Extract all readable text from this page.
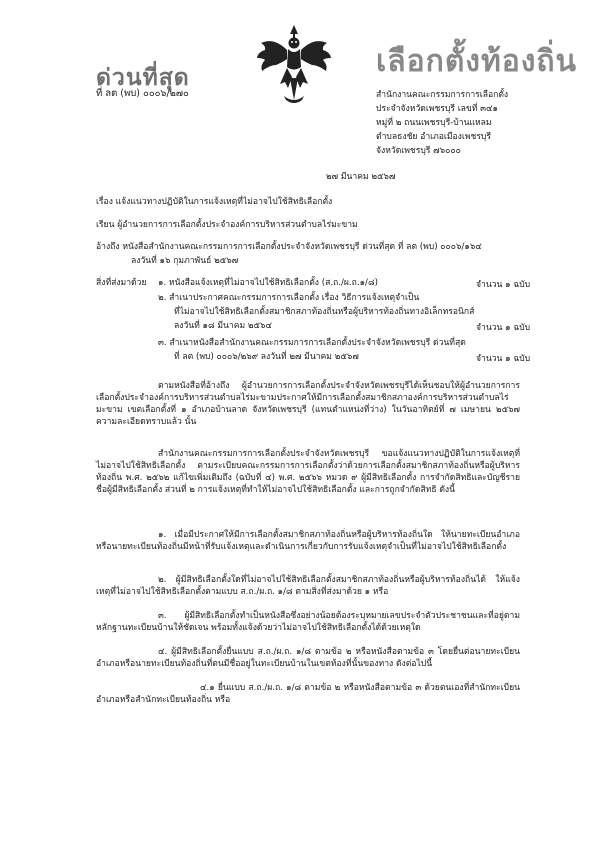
ด่วนที่สุด	เลือกตั้งท้องถิ่น
ที่ ลต (พบ) ๐๐๐๖/๒๗๐	สำนักงานคณะกรรมการการเลือกตั้ง
ประจำจังหวัดเพชรบุรี เลขที่ ๓๔๑
หมู่ที่ ๒ ถนนเพชรบุรี-บ้านแหลม
ตำบลธงชัย อำเภอเมืองเพชรบุรี
จังหวัดเพชรบุรี ๗๖๐๐๐
๒๗ มีนาคม ๒๕๖๗
เรื่อง แจ้งแนวทางปฏิบัติในการแจ้งเหตุที่ไม่อาจไปใช้สิทธิเลือกตั้ง
เรียน ผู้อำนวยการการเลือกตั้งประจำองค์การบริหารส่วนตำบลไร่มะขาม
อ้างถึง หนังสือสำนักงานคณะกรรมการการเลือกตั้งประจำจังหวัดเพชรบุรี ด่วนที่สุด ที่ ลต (พบ) ๐๐๐๖/๑๖๔
ลงวันที่ ๑๖ กุมภาพันธ์ ๒๕๖๗
สิ่งที่ส่งมาด้วย ๑. หนังสือแจ้งเหตุที่ไม่อาจไปใช้สิทธิเลือกตั้ง (ส.ถ./ผ.ถ.๑/๘)	จำนวน ๑ ฉบับ
๒. สำเนาประกาศคณะกรรมการการเลือกตั้ง เรื่อง วิธีการแจ้งเหตุจำเป็น
ที่ไม่อาจไปใช้สิทธิเลือกตั้งสมาชิกสภาท้องถิ่นหรือผู้บริหารท้องถิ่นทางอิเล็กทรอนิกส์
ลงวันที่ ๑๘ มีนาคม ๒๕๖๔	จำนวน ๑ ฉบับ
๓. สำเนาหนังสือสำนักงานคณะกรรมการการเลือกตั้งประจำจังหวัดเพชรบุรี ด่วนที่สุด
ที่ ลต (พบ) ๐๐๐๖/๒๖๙ ลงวันที่ ๒๗ มีนาคม ๒๕๖๗	จำนวน ๑ ฉบับ
ตามหนังสือที่อ้างถึง ผู้อำนวยการการเลือกตั้งประจำจังหวัดเพชรบุรีได้เห็นชอบให้ผู้อำนวยการการเลือกตั้งประจำองค์การบริหารส่วนตำบลไร่มะขามประกาศให้มีการเลือกตั้งสมาชิกสภาองค์การบริหารส่วนตำบลไร่มะขาม เขตเลือกตั้งที่ ๑ อำเภอบ้านลาด จังหวัดเพชรบุรี (แทนตำแหน่งที่ว่าง) ในวันอาทิตย์ที่ ๗ เมษายน ๒๕๖๗ ความละเอียดทราบแล้ว นั้น
สำนักงานคณะกรรมการการเลือกตั้งประจำจังหวัดเพชรบุรี ขอแจ้งแนวทางปฏิบัติในการแจ้งเหตุที่ไม่อาจไปใช้สิทธิเลือกตั้ง ตามระเบียบคณะกรรมการการเลือกตั้งว่าด้วยการเลือกตั้งสมาชิกสภาท้องถิ่นหรือผู้บริหารท้องถิ่น พ.ศ. ๒๕๖๒ แก้ไขเพิ่มเติมถึง (ฉบับที่ ๔) พ.ศ. ๒๕๖๖ หมวด ๙ ผู้มีสิทธิเลือกตั้ง การจำกัดสิทธิและบัญชีรายชื่อผู้มีสิทธิเลือกตั้ง ส่วนที่ ๒ การแจ้งเหตุที่ทำให้ไม่อาจไปใช้สิทธิเลือกตั้ง และการถูกจำกัดสิทธิ ดังนี้
๑. เมื่อมีประกาศให้มีการเลือกตั้งสมาชิกสภาท้องถิ่นหรือผู้บริหารท้องถิ่นใด ให้นายทะเบียนอำเภอหรือนายทะเบียนท้องถิ่นมีหน้าที่รับแจ้งเหตุและดำเนินการเกี่ยวกับการรับแจ้งเหตุจำเป็นที่ไม่อาจไปใช้สิทธิเลือกตั้ง
๒. ผู้มีสิทธิเลือกตั้งใดที่ไม่อาจไปใช้สิทธิเลือกตั้งสมาชิกสภาท้องถิ่นหรือผู้บริหารท้องถิ่นได้ ให้แจ้งเหตุที่ไม่อาจไปใช้สิทธิเลือกตั้งตามแบบ ส.ถ./ผ.ถ. ๑/๘ ตามสิ่งที่ส่งมาด้วย ๑ หรือ
๓. ผู้มีสิทธิเลือกตั้งทำเป็นหนังสือซึ่งอย่างน้อยต้องระบุหมายเลขประจำตัวประชาชนและที่อยู่ตามหลักฐานทะเบียนบ้านให้ชัดเจน พร้อมทั้งแจ้งด้วยว่าไม่อาจไปใช้สิทธิเลือกตั้งได้ด้วยเหตุใด
๔. ผู้มีสิทธิเลือกตั้งยื่นแบบ ส.ถ./ผ.ถ. ๑/๘ ตามข้อ ๒ หรือหนังสือตามข้อ ๓ โดยยื่นต่อนายทะเบียนอำเภอหรือนายทะเบียนท้องถิ่นที่ตนมีชื่ออยู่ในทะเบียนบ้านในเขตท้องที่นั้นของทาง ดังต่อไปนี้
๔.๑ ยื่นแบบ ส.ถ./ผ.ถ. ๑/๘ ตามข้อ ๒ หรือหนังสือตามข้อ ๓ ด้วยตนเองที่สำนักทะเบียนอำเภอหรือสำนักทะเบียนท้องถิ่น หรือ
